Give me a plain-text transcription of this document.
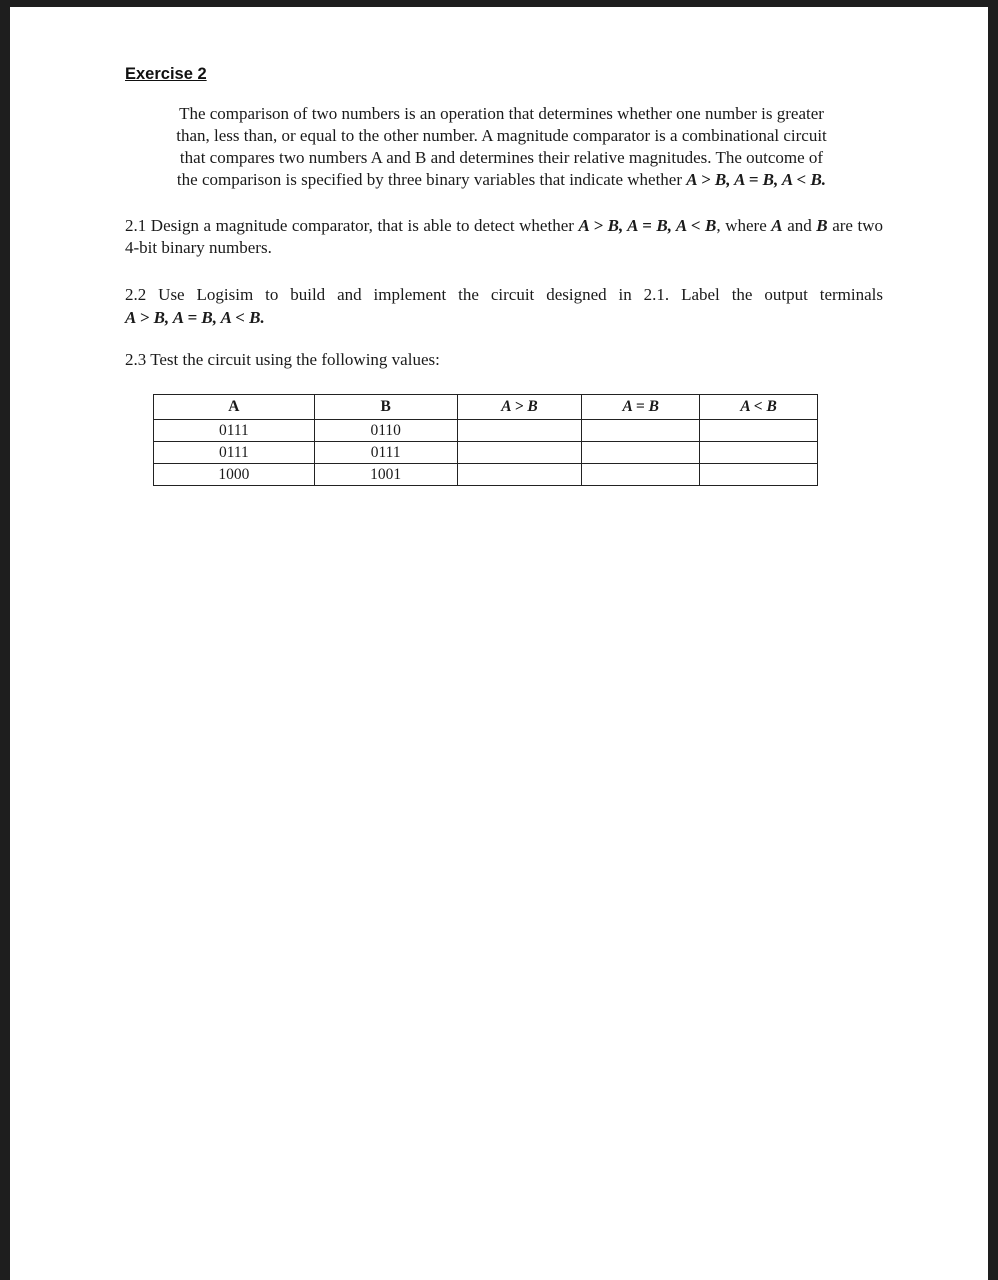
Exercise 2
The comparison of two numbers is an operation that determines whether one number is greater
than, less than, or equal to the other number. A magnitude comparator is a combinational circuit
that compares two numbers A and B and determines their relative magnitudes. The outcome of
the comparison is specified by three binary variables that indicate whether A > B, A = B, A < B.
2.1 Design a magnitude comparator, that is able to detect whether A > B, A = B, A < B, where A and B are two 4-bit binary numbers.
2.2 Use Logisim to build and implement the circuit designed in 2.1. Label the output terminals
A > B, A = B, A < B.
2.3 Test the circuit using the following values:
A	B	A > B	A = B	A < B
0111	0110			
0111	0111			
1000	1001			
